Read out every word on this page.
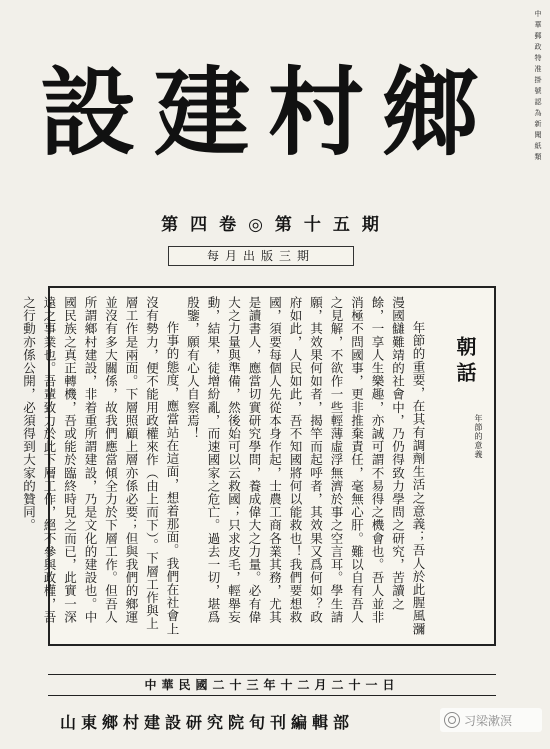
中華郵政特准掛號認為新聞紙類
設 建 村 鄉
第四卷◎第十五期
每月出版三期
朝話
年節的意義

年節的重要，在其有調劑生活之意義；吾人於此腥風瀰漫國讎難靖的社會中，乃仍得致力學問之研究，苦讀之餘，一享人生樂趣，亦誠可謂不易得之機會也。吾人並非消極不問國事，更非推棄責任，毫無心肝。難以自有吾人之見解，不欲作一些輕薄虛浮無濟於事之空言耳。學生請願，其效果何如者，揭竿而起呼者，其效果又爲何如？政府如此，人民如此，吾不知國將何以能救也！我們要想救國，須要每個人先從本身作起，士農工商各業其務，尤其是讀書人，應當切實研究學問，養成偉大之力量。必有偉大之力量與準備，然後始可以云救國；只求皮毛，輕舉妄動，結果，徒增紛亂，而速國家之危亡。過去一切，堪爲殷鑒，願有心人自察焉！

作事的態度，應當站在這面，想着那面。我們在社會上沒有勢力，便不能用政權來作（由上而下）。下層工作與上層工作是兩面。下層照顧上層亦係必要；但與我們的鄉運並沒有多大關係，故我們應當傾全力於下層工作。但吾人所謂鄉村建設，非着重所謂建設，乃是文化的建設也。中國民族之真正轉機，吾或能於臨終時見之而已，此實一深遠之事業也。吾輩致力於此下層工作，絕不參與政權，吾之行動亦係公開，必須得到大家的贊同。

中華民國二十三年十二月二十一日
山東鄉村建設研究院旬刊編輯部	习梁漱溟
